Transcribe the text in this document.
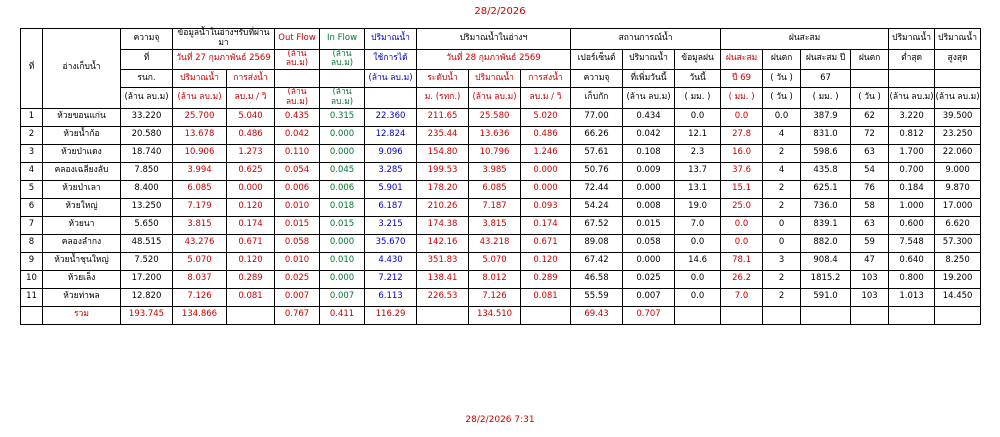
28/2/2026
ที่	อ่างเก็บน้ำ	ความจุ	ข้อมูลน้ำในอ่างฯรับที่ผ่านมา		Out Flow	In Flow	ปริมาณน้ำ	ปริมาณน้ำในอ่างฯ			สถานการณ์น้ำ			ฝนสะสม				ปริมาณน้ำ	ปริมาณน้ำ
		ที่	วันที่ 27 กุมภาพันธ์ 2569		(ล้าน ลบ.ม)	(ล้าน ลบ.ม)	ใช้การได้	วันที่ 28 กุมภาพันธ์ 2569			เปอร์เซ็นต์	ปริมาณน้ำ	ข้อมูลฝน	ฝนสะสม	ฝนตก	ฝนสะสม ปี	ฝนตก	ต่ำสุด	สูงสุด
		รนก.	ปริมาณน้ำ	การส่งน้ำ			(ล้าน ลบ.ม)	ระดับน้ำ	ปริมาณน้ำ	การส่งน้ำ	ความจุ	ที่เพิ่มวันนี้	วันนี้	ปี 69	( วัน )	67			
		(ล้าน ลบ.ม)	(ล้าน ลบ.ม)	ลบ.ม / วิ	(ล้าน ลบ.ม)	(ล้าน ลบ.ม)		ม. (รทก.)	(ล้าน ลบ.ม)	ลบ.ม / วิ	เก็บกัก	(ล้าน ลบ.ม)	( มม. )	( มม. )	( วัน )	( มม. )	( วัน )	(ล้าน ลบ.ม)	(ล้าน ลบ.ม)
1	ห้วยขอนแก่น	33.220	25.700	5.040	0.435	0.315	22.360	211.65	25.580	5.020	77.00	0.434	0.0	0.0	0.0	387.9	62	3.220	39.500
2	ห้วยน้ำก้อ	20.580	13.678	0.486	0.042	0.000	12.824	235.44	13.636	0.486	66.26	0.042	12.1	27.8	4	831.0	72	0.812	23.250
3	ห้วยป่าแดง	18.740	10.906	1.273	0.110	0.000	9.096	154.80	10.796	1.246	57.61	0.108	2.3	16.0	2	598.6	63	1.700	22.060
4	คลองเฉลียงลับ	7.850	3.994	0.625	0.054	0.045	3.285	199.53	3.985	0.000	50.76	0.009	13.7	37.6	4	435.8	54	0.700	9.000
5	ห้วยป่าเลา	8.400	6.085	0.000	0.006	0.006	5.901	178.20	6.085	0.000	72.44	0.000	13.1	15.1	2	625.1	76	0.184	9.870
6	ห้วยใหญ่	13.250	7.179	0.120	0.010	0.018	6.187	210.26	7.187	0.093	54.24	0.008	19.0	25.0	2	736.0	58	1.000	17.000
7	ห้วยนา	5.650	3.815	0.174	0.015	0.015	3.215	174.38	3.815	0.174	67.52	0.015	7.0	0.0	0	839.1	63	0.600	6.620
8	คลองลำกง	48.515	43.276	0.671	0.058	0.000	35.670	142.16	43.218	0.671	89.08	0.058	0.0	0.0	0	882.0	59	7.548	57.300
9	ห้วยน้ำชุนใหญ่	7.520	5.070	0.120	0.010	0.010	4.430	351.83	5.070	0.120	67.42	0.000	14.6	78.1	3	908.4	47	0.640	8.250
10	ห้วยเล็ง	17.200	8.037	0.289	0.025	0.000	7.212	138.41	8.012	0.289	46.58	0.025	0.0	26.2	2	1815.2	103	0.800	19.200
11	ห้วยท่าพล	12.820	7.126	0.081	0.007	0.007	6.113	226.53	7.126	0.081	55.59	0.007	0.0	7.0	2	591.0	103	1.013	14.450
	รวม	193.745	134.866		0.767	0.411	116.29		134.510		69.43	0.707							
28/2/2026 7:31
